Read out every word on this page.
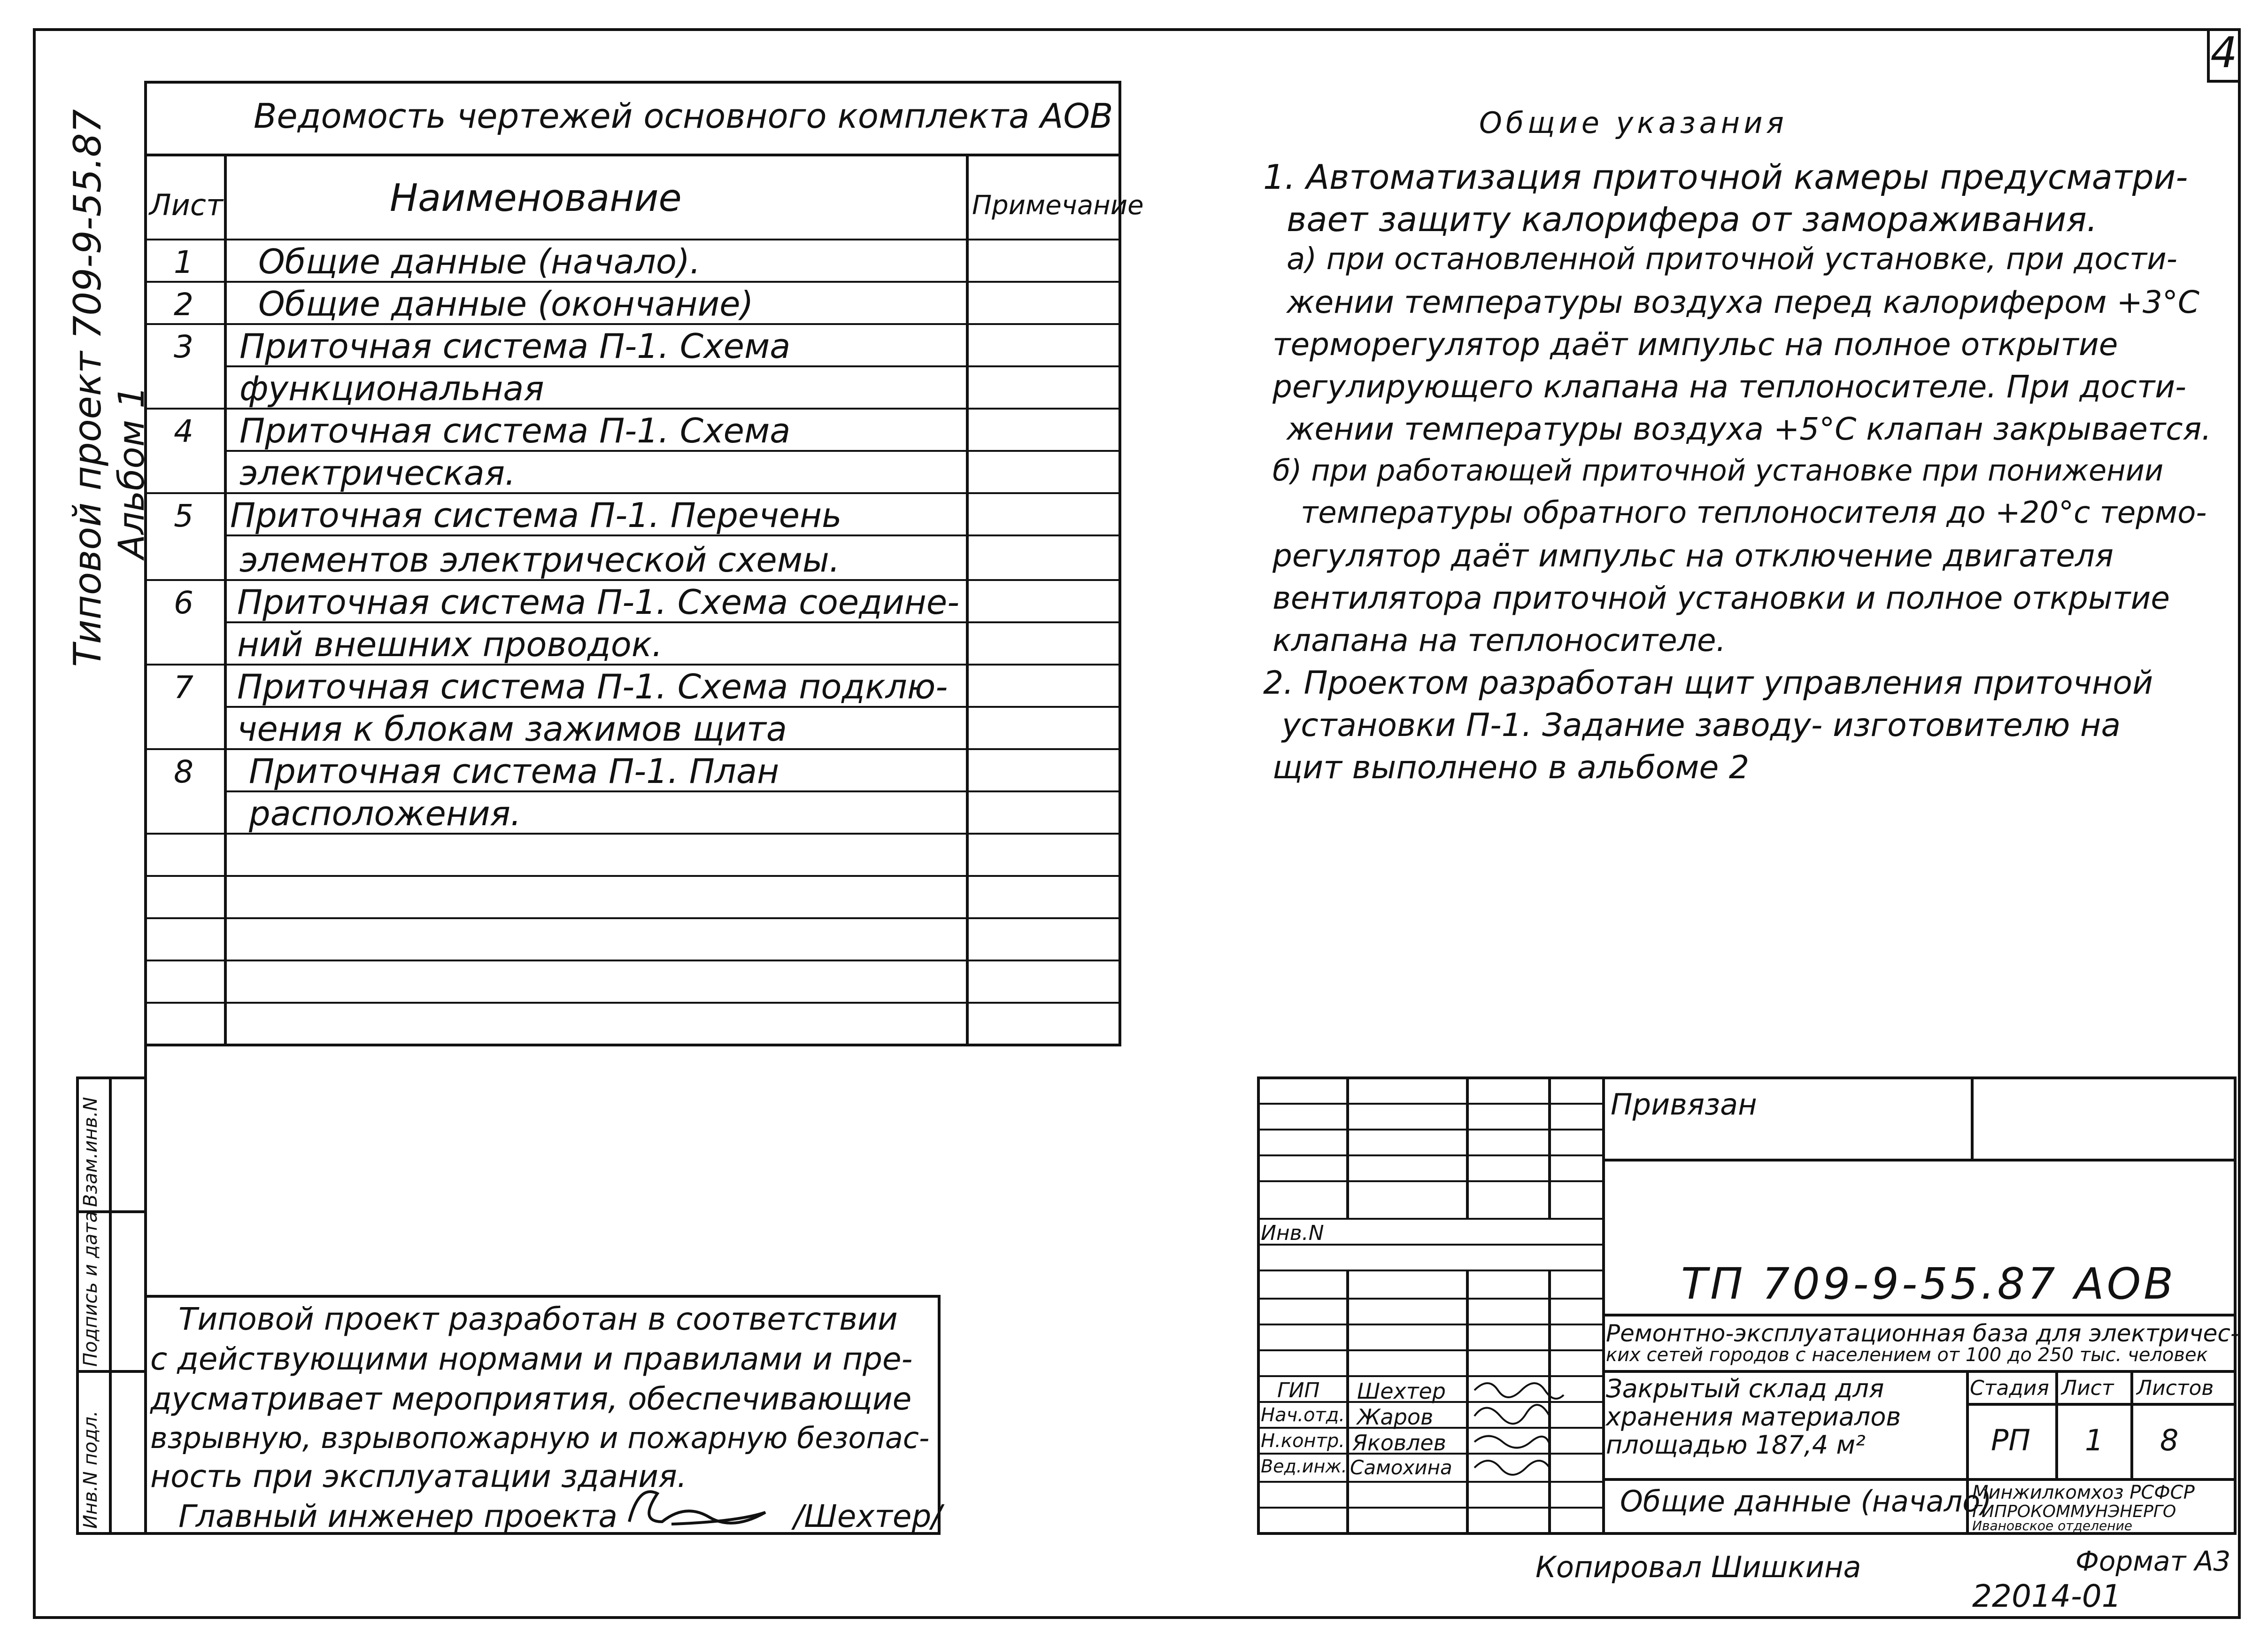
4
Типовой проект 709-9-55.87 Альбом 1
Ведомость чертежей основного комплекта АОВ
Лист	Наименование	Примечание
1 Общие данные (начало).
2 Общие данные (окончание)
3 Приточная система П-1. Схема
функциональная
4 Приточная система П-1. Схема
электрическая.
5 Приточная система П-1. Перечень
элементов электрической схемы.
6 Приточная система П-1. Схема соедине-
ний внешних проводок.
7 Приточная система П-1. Схема подклю-
чения к блокам зажимов щита
8 Приточная система П-1. План
расположения.
Общие указания
1. Автоматизация приточной камеры предусматри-
вает защиту калорифера от замораживания.
а) при остановленной приточной установке, при дости-
жении температуры воздуха перед калорифером +3°С
терморегулятор даёт импульс на полное открытие
регулирующего клапана на теплоносителе. При дости-
жении температуры воздуха +5°С клапан закрывается.
б) при работающей приточной установке при понижении
температуры обратного теплоносителя до +20°с термо-
регулятор даёт импульс на отключение двигателя
вентилятора приточной установки и полное открытие
клапана на теплоносителе.
2. Проектом разработан щит управления приточной
установки П-1. Задание заводу- изготовителю на
щит выполнено в альбоме 2
Взам.инв.N
Подпись и дата
Инв.N подл.
Типовой проект разработан в соответствии
с действующими нормами и правилами и пре-
дусматривает мероприятия, обеспечивающие
взрывную, взрывопожарную и пожарную безопас-
ность при эксплуатации здания.
Главный инженер проекта	/Шехтер/
Привязан
Инв.N
ТП 709-9-55.87 АОВ
Ремонтно-эксплуатационная база для электричес-
ких сетей городов с населением от 100 до 250 тыс. человек
Закрытый склад для
хранения материалов
площадью 187,4 м²
Общие данные (начало)
Стадия Лист Листов
РП 1 8
Минжилкомхоз РСФСР
ГИПРОКОММУНЭНЕРГО
Ивановское отделение
ГИП Шехтер
Нач.отд. Жаров
Н.контр. Яковлев
Вед.инж. Самохина
Копировал Шишкина	Формат А3
22014-01
